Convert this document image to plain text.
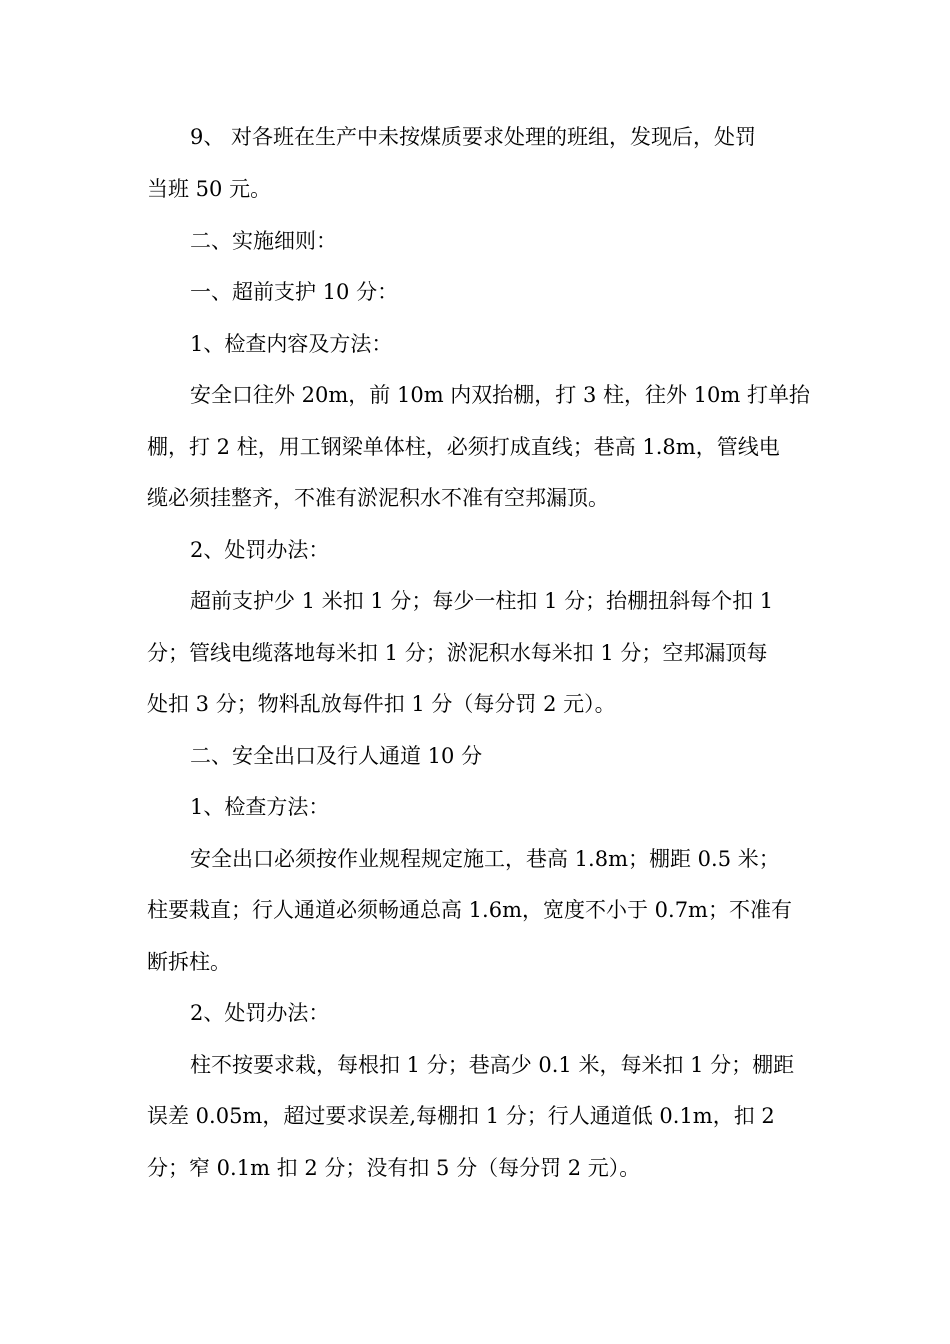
9、 对各班在生产中未按煤质要求处理的班组，发现后，处罚
当班 50 元。
二、实施细则：
一、超前支护 10 分：
1、检查内容及方法：
安全口往外 20m，前 10m 内双抬棚，打 3 柱，往外 10m 打单抬
棚，打 2 柱，用工钢梁单体柱，必须打成直线；巷高 1.8m，管线电
缆必须挂整齐，不准有淤泥积水不准有空邦漏顶。
2、处罚办法：
超前支护少 1 米扣 1 分；每少一柱扣 1 分；抬棚扭斜每个扣 1
分；管线电缆落地每米扣 1 分；淤泥积水每米扣 1 分；空邦漏顶每
处扣 3 分；物料乱放每件扣 1 分（每分罚 2 元）。
二、安全出口及行人通道 10 分
1、检查方法：
安全出口必须按作业规程规定施工，巷高 1.8m；棚距 0.5 米；
柱要栽直；行人通道必须畅通总高 1.6m，宽度不小于 0.7m；不准有
断拆柱。
2、处罚办法：
柱不按要求栽，每根扣 1 分；巷高少 0.1 米，每米扣 1 分；棚距
误差 0.05m，超过要求误差,每棚扣 1 分；行人通道低 0.1m，扣 2
分；窄 0.1m 扣 2 分；没有扣 5 分（每分罚 2 元）。
